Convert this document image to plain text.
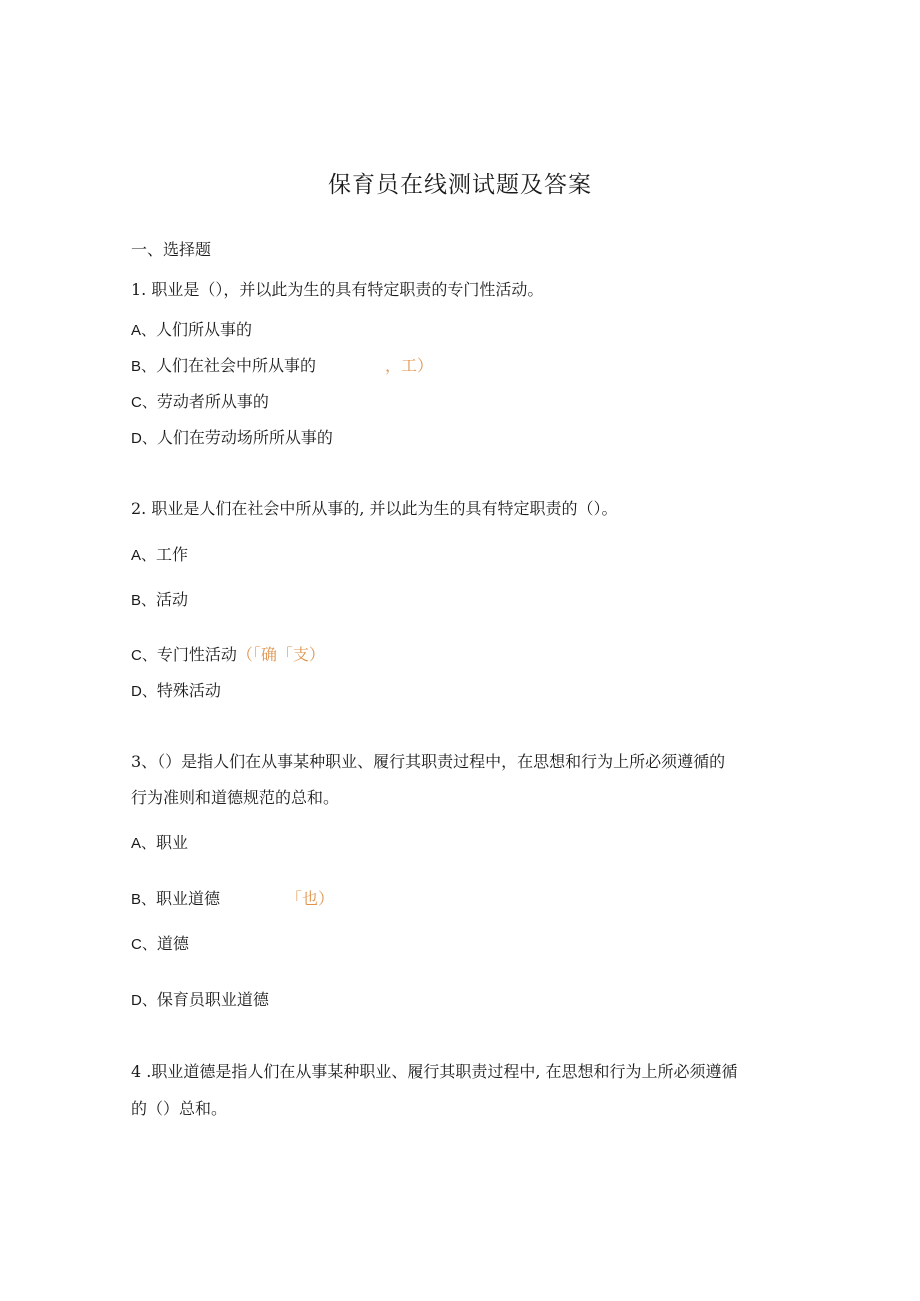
保育员在线测试题及答案
一、选择题
1. 职业是（），并以此为生的具有特定职责的专门性活动。
A、人们所从事的
B、人们在社会中所从事的	，工）
C、劳动者所从事的
D、人们在劳动场所所从事的
2. 职业是人们在社会中所从事的, 并以此为生的具有特定职责的（）。
A、工作
B、活动
C、专门性活动（「确「支）
D、特殊活动
3、（）是指人们在从事某种职业、履行其职责过程中，在思想和行为上所必须遵循的
行为准则和道德规范的总和。
A、职业
B、职业道德	「也）
C、道德
D、保育员职业道德
4 .职业道德是指人们在从事某种职业、履行其职责过程中, 在思想和行为上所必须遵循
的（）总和。
